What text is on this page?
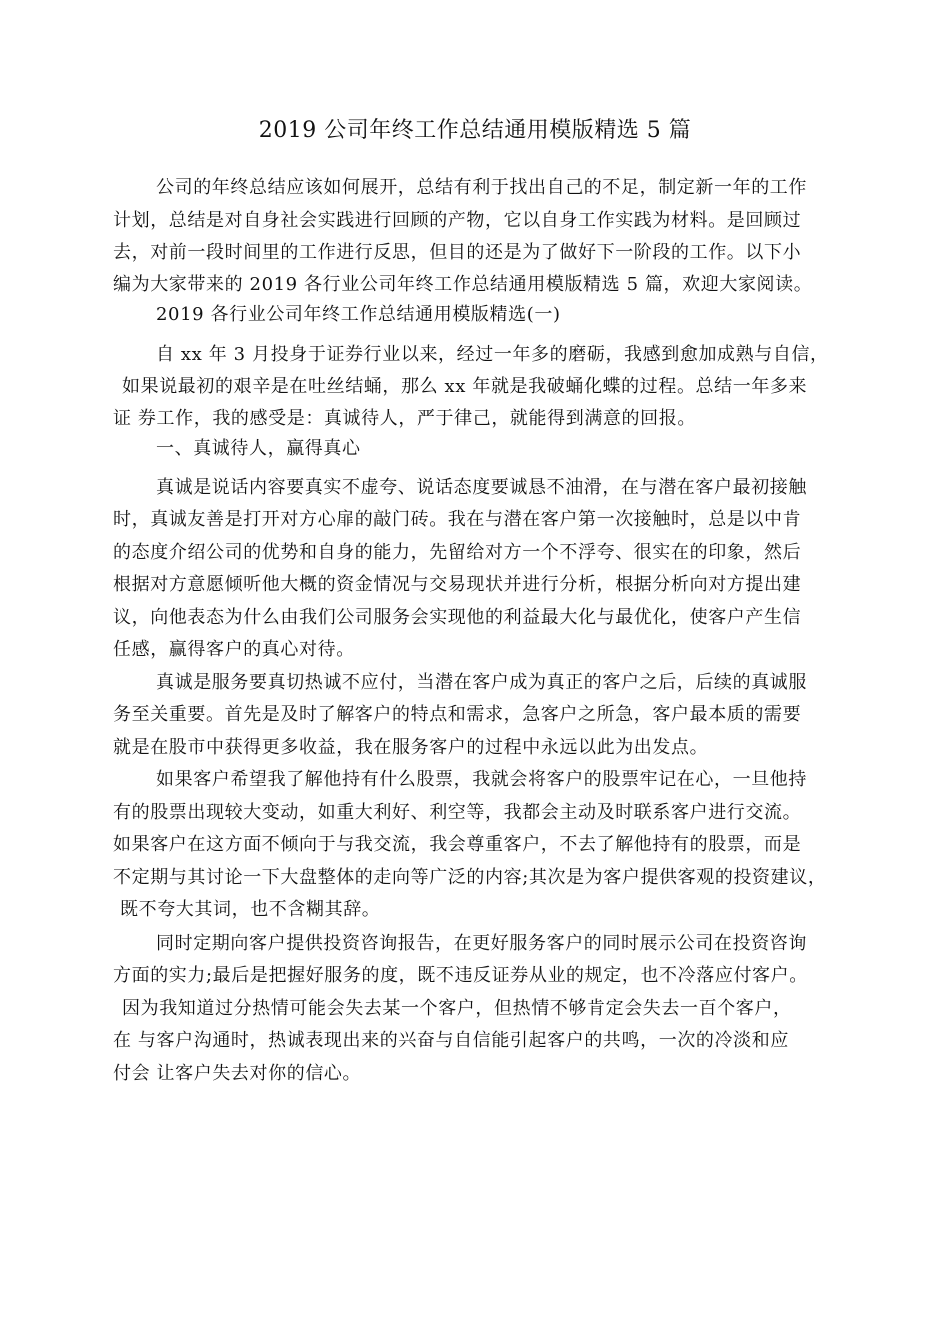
2019 公司年终工作总结通用模版精选 5 篇
公司的年终总结应该如何展开，总结有利于找出自己的不足，制定新一年的工作
计划，总结是对自身社会实践进行回顾的产物，它以自身工作实践为材料。是回顾过
去，对前一段时间里的工作进行反思，但目的还是为了做好下一阶段的工作。以下小
编为大家带来的 2019 各行业公司年终工作总结通用模版精选 5 篇，欢迎大家阅读。
2019 各行业公司年终工作总结通用模版精选(一)
自 xx 年 3 月投身于证券行业以来，经过一年多的磨砺，我感到愈加成熟与自信，
如果说最初的艰辛是在吐丝结蛹，那么 xx 年就是我破蛹化蝶的过程。总结一年多来
证 券工作，我的感受是：真诚待人，严于律己，就能得到满意的回报。
一、真诚待人，赢得真心
真诚是说话内容要真实不虚夸、说话态度要诚恳不油滑，在与潜在客户最初接触
时，真诚友善是打开对方心扉的敲门砖。我在与潜在客户第一次接触时，总是以中肯
的态度介绍公司的优势和自身的能力，先留给对方一个不浮夸、很实在的印象，然后
根据对方意愿倾听他大概的资金情况与交易现状并进行分析，根据分析向对方提出建
议，向他表态为什么由我们公司服务会实现他的利益最大化与最优化，使客户产生信
任感，赢得客户的真心对待。
真诚是服务要真切热诚不应付，当潜在客户成为真正的客户之后，后续的真诚服
务至关重要。首先是及时了解客户的特点和需求，急客户之所急，客户最本质的需要
就是在股市中获得更多收益，我在服务客户的过程中永远以此为出发点。
如果客户希望我了解他持有什么股票，我就会将客户的股票牢记在心，一旦他持
有的股票出现较大变动，如重大利好、利空等，我都会主动及时联系客户进行交流。
如果客户在这方面不倾向于与我交流，我会尊重客户，不去了解他持有的股票，而是
不定期与其讨论一下大盘整体的走向等广泛的内容;其次是为客户提供客观的投资建议，
既不夸大其词，也不含糊其辞。
同时定期向客户提供投资咨询报告，在更好服务客户的同时展示公司在投资咨询
方面的实力;最后是把握好服务的度，既不违反证券从业的规定，也不冷落应付客户。
因为我知道过分热情可能会失去某一个客户，但热情不够肯定会失去一百个客户，
在 与客户沟通时，热诚表现出来的兴奋与自信能引起客户的共鸣，一次的冷淡和应
付会 让客户失去对你的信心。
